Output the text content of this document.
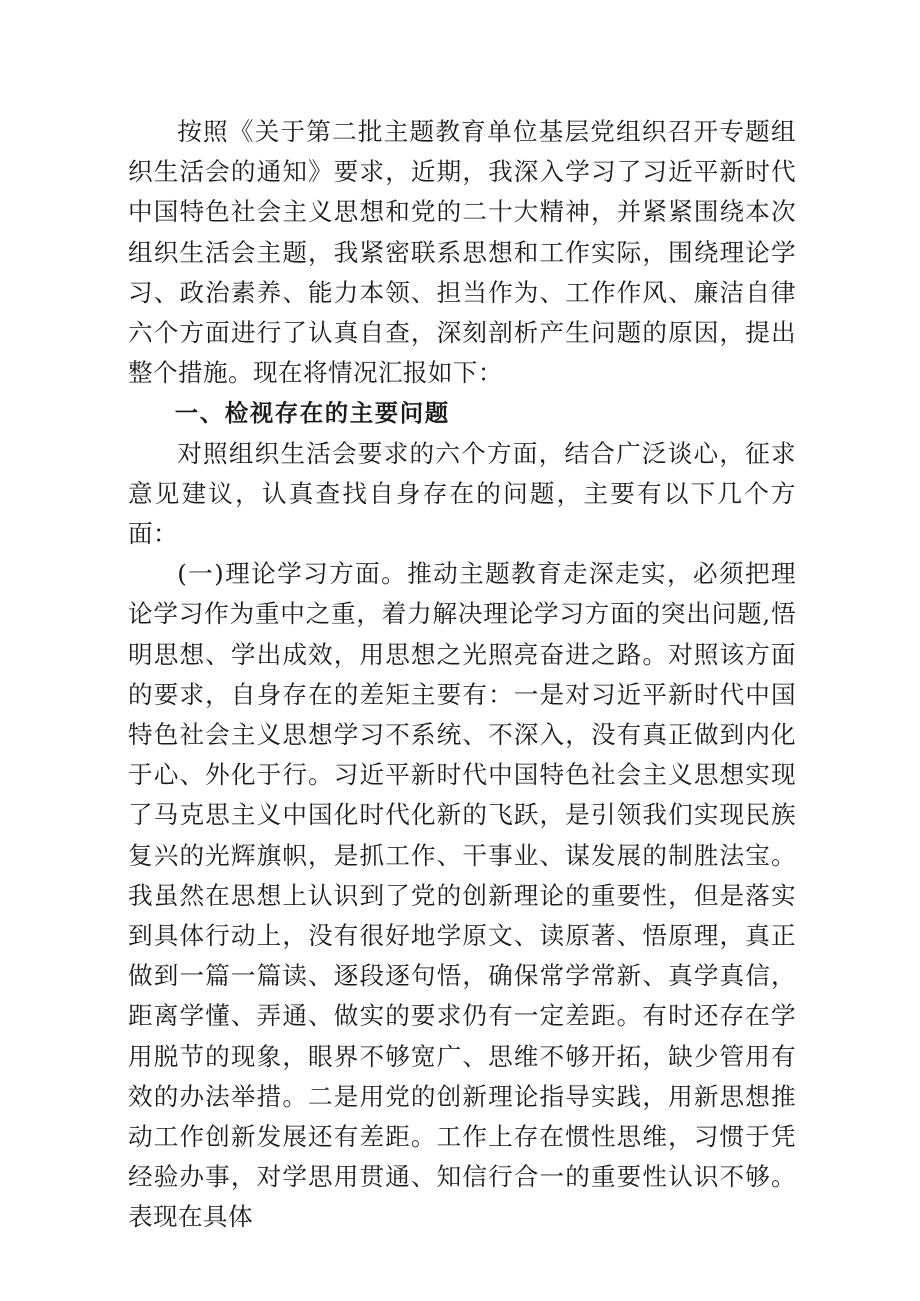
按照《关于第二批主题教育单位基层党组织召开专题组织生活会的通知》要求，近期，我深入学习了习近平新时代中国特色社会主义思想和党的二十大精神，并紧紧围绕本次组织生活会主题，我紧密联系思想和工作实际，围绕理论学习、政治素养、能力本领、担当作为、工作作风、廉洁自律六个方面进行了认真自查，深刻剖析产生问题的原因，提出整个措施。现在将情况汇报如下：

一、检视存在的主要问题

对照组织生活会要求的六个方面，结合广泛谈心，征求意见建议，认真查找自身存在的问题，主要有以下几个方面：

(一)理论学习方面。推动主题教育走深走实，必须把理论学习作为重中之重，着力解决理论学习方面的突出问题,悟明思想、学出成效，用思想之光照亮奋进之路。对照该方面的要求，自身存在的差矩主要有：一是对习近平新时代中国特色社会主义思想学习不系统、不深入，没有真正做到内化于心、外化于行。习近平新时代中国特色社会主义思想实现了马克思主义中国化时代化新的飞跃，是引领我们实现民族复兴的光辉旗帜，是抓工作、干事业、谋发展的制胜法宝。我虽然在思想上认识到了党的创新理论的重要性，但是落实到具体行动上，没有很好地学原文、读原著、悟原理，真正做到一篇一篇读、逐段逐句悟，确保常学常新、真学真信，距离学懂、弄通、做实的要求仍有一定差距。有时还存在学用脱节的现象，眼界不够宽广、思维不够开拓，缺少管用有效的办法举措。二是用党的创新理论指导实践，用新思想推动工作创新发展还有差距。工作上存在惯性思维，习惯于凭经验办事，对学思用贯通、知信行合一的重要性认识不够。表现在具体
